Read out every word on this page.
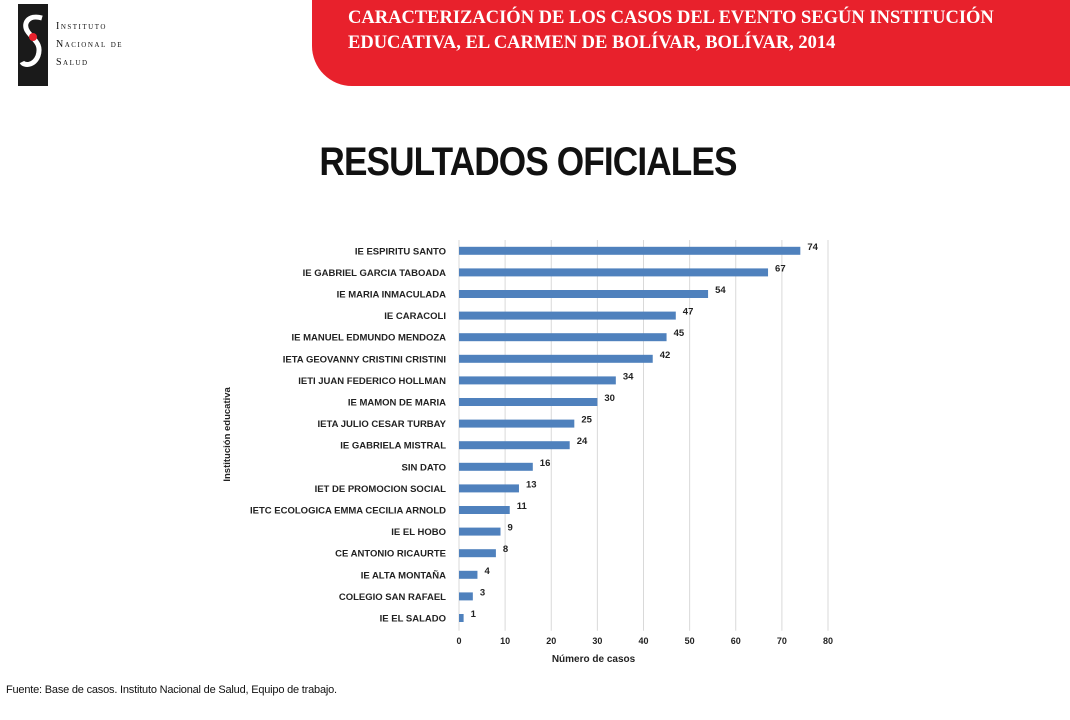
Instituto
Nacional de
Salud
CARACTERIZACIÓN DE LOS CASOS DEL EVENTO SEGÚN INSTITUCIÓN EDUCATIVA, EL CARMEN DE BOLÍVAR, BOLÍVAR, 2014
RESULTADOS OFICIALES
0	10	20	30	40	50	60	70	80
IE ESPIRITU SANTO	74
IE GABRIEL GARCIA TABOADA	67
IE MARIA INMACULADA	54
IE CARACOLI	47
IE MANUEL EDMUNDO MENDOZA	45
IETA GEOVANNY CRISTINI CRISTINI	42
IETI JUAN FEDERICO HOLLMAN	34
IE MAMON DE MARIA	30
IETA JULIO CESAR TURBAY	25
IE GABRIELA MISTRAL	24
SIN DATO	16
IET DE PROMOCION SOCIAL	13
IETC ECOLOGICA EMMA CECILIA ARNOLD	11
IE EL HOBO	9
CE ANTONIO RICAURTE	8
IE ALTA MONTAÑA	4
COLEGIO SAN RAFAEL	3
IE EL SALADO	1
Número de casos
Institución educativa
Fuente: Base de casos. Instituto Nacional de Salud, Equipo de trabajo.
